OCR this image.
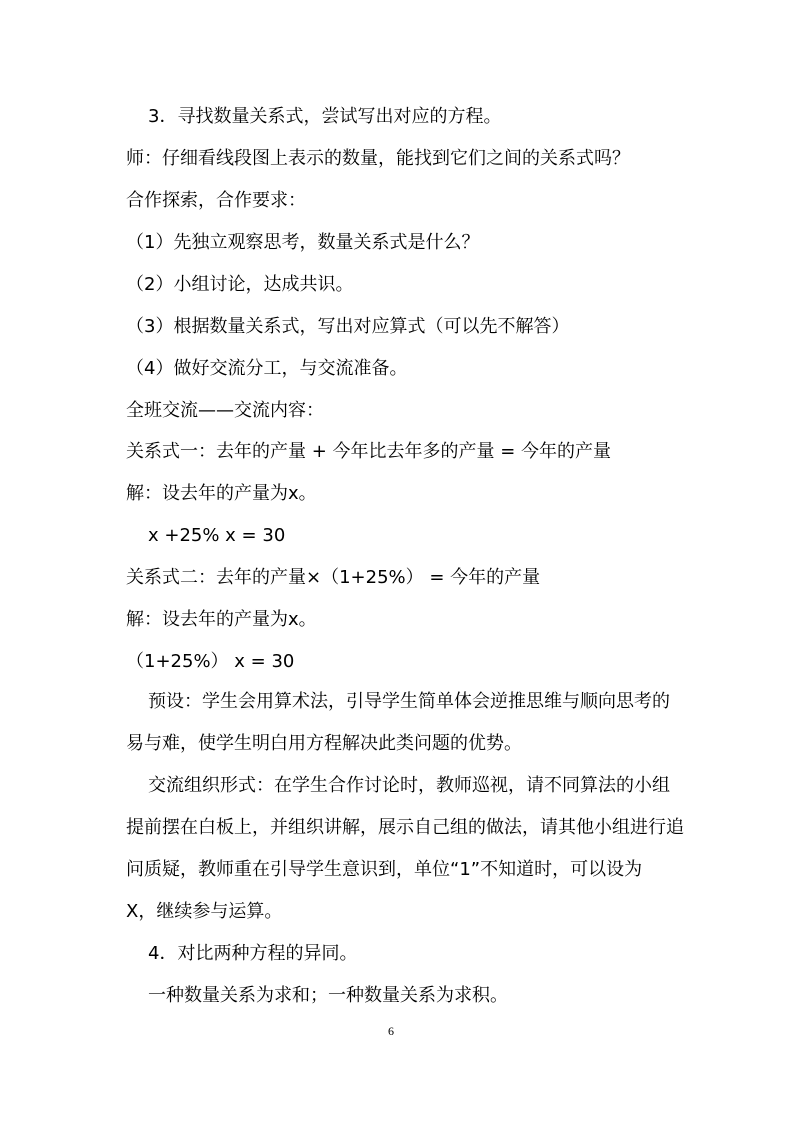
3．寻找数量关系式，尝试写出对应的方程。
师：仔细看线段图上表示的数量，能找到它们之间的关系式吗？
合作探索，合作要求：
（1）先独立观察思考，数量关系式是什么？
（2）小组讨论，达成共识。
（3）根据数量关系式，写出对应算式（可以先不解答）
（4）做好交流分工，与交流准备。
全班交流——交流内容：
关系式一：去年的产量 + 今年比去年多的产量 = 今年的产量
解：设去年的产量为x。
x +25% x = 30
关系式二：去年的产量×（1+25%） = 今年的产量
解：设去年的产量为x。
（1+25%） x = 30
预设：学生会用算术法，引导学生简单体会逆推思维与顺向思考的
易与难，使学生明白用方程解决此类问题的优势。
交流组织形式：在学生合作讨论时，教师巡视，请不同算法的小组
提前摆在白板上，并组织讲解，展示自己组的做法，请其他小组进行追
问质疑，教师重在引导学生意识到，单位“1”不知道时，可以设为
X，继续参与运算。
4．对比两种方程的异同。
一种数量关系为求和；一种数量关系为求积。
6
